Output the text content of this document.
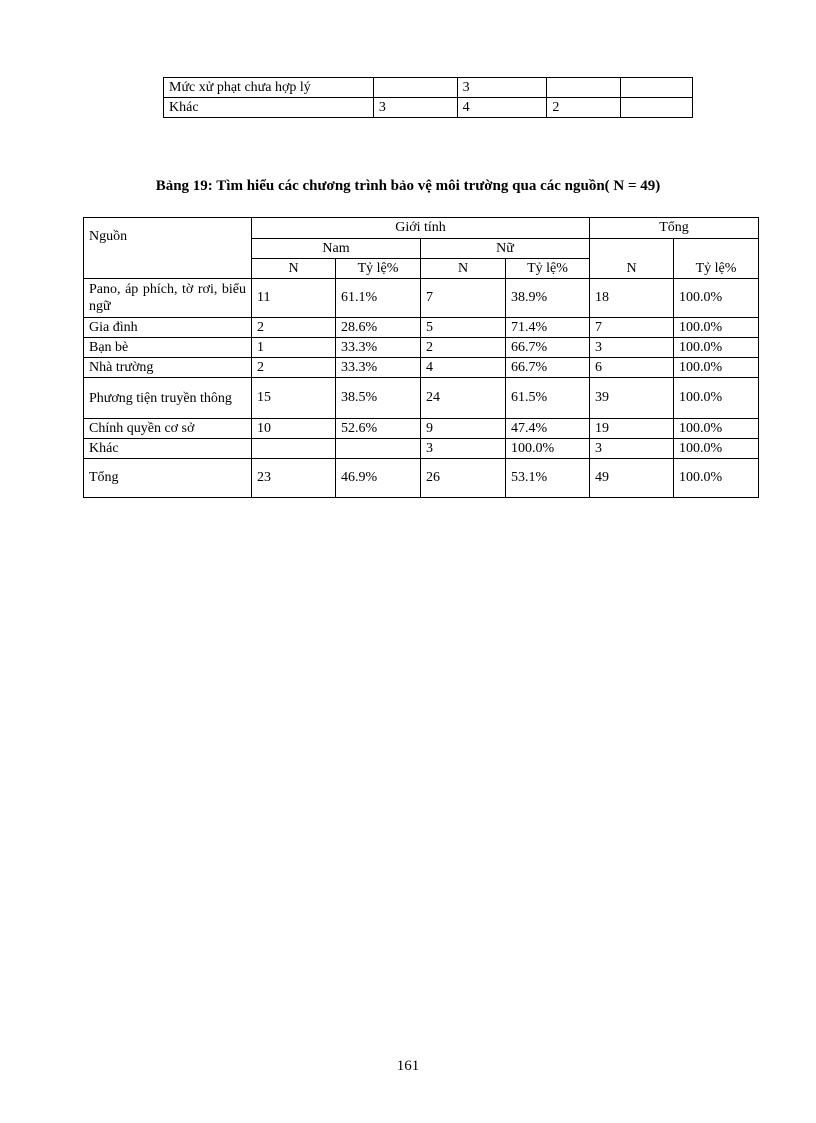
Mức xử phạt chưa hợp lý		3		
Khác	3	4	2	
Bảng 19: Tìm hiểu các chương trình bảo vệ môi trường qua các nguồn( N = 49)
Nguồn	Giới tính				Tổng	
	Nam		Nữ		N	Tỷ lệ%
	N	Tỷ lệ%	N	Tỷ lệ%		
Pano, áp phích, tờ rơi, biểu ngữ	11	61.1%	7	38.9%	18	100.0%
Gia đình	2	28.6%	5	71.4%	7	100.0%
Bạn bè	1	33.3%	2	66.7%	3	100.0%
Nhà trường	2	33.3%	4	66.7%	6	100.0%
Phương tiện truyền thông	15	38.5%	24	61.5%	39	100.0%
Chính quyền cơ sở	10	52.6%	9	47.4%	19	100.0%
Khác			3	100.0%	3	100.0%
Tổng	23	46.9%	26	53.1%	49	100.0%
161
